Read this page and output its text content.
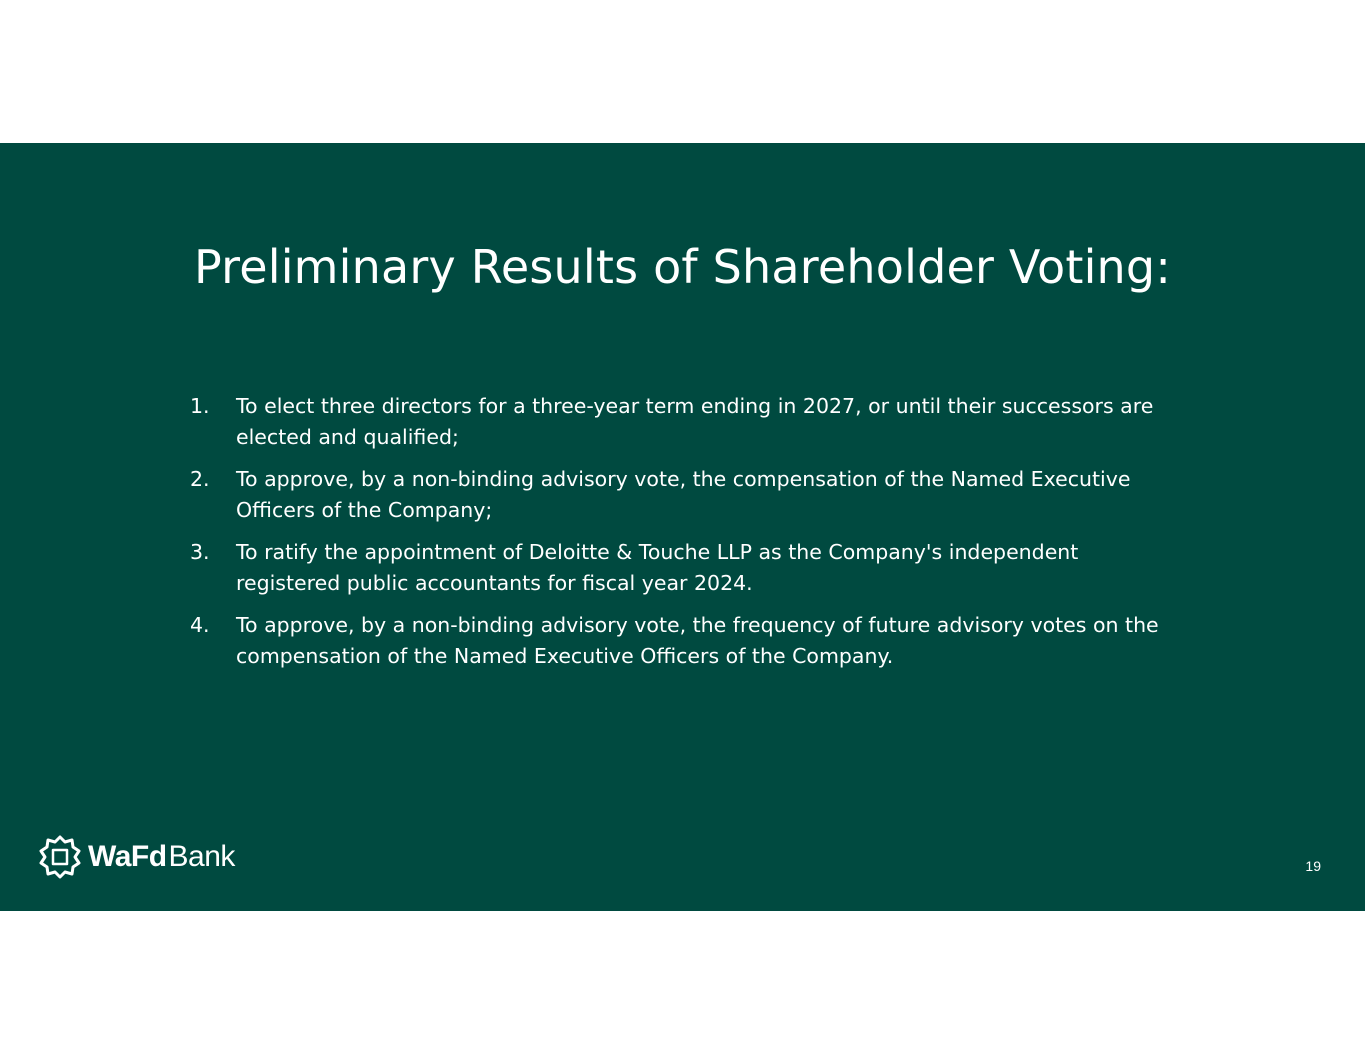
Preliminary Results of Shareholder Voting:
1.	To elect three directors for a three-year term ending in 2027, or until their successors are elected and qualified;
2.	To approve, by a non-binding advisory vote, the compensation of the Named Executive Officers of the Company;
3.	To ratify the appointment of Deloitte & Touche LLP as the Company's independent registered public accountants for fiscal year 2024.
4.	To approve, by a non-binding advisory vote, the frequency of future advisory votes on the compensation of the Named Executive Officers of the Company.
WaFd Bank	19
